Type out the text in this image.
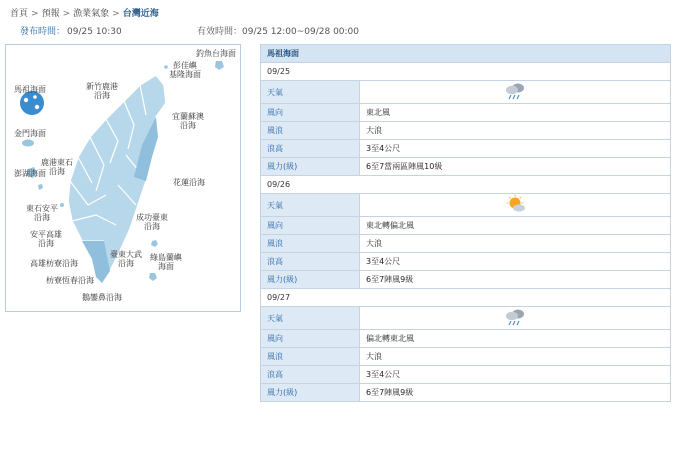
首頁 > 預報 > 漁業氣象 > 台灣近海
發布時間： 09/25 10:30	有效時間：09/25 12:00~09/28 00:00
釣魚台海面
彭佳嶼
基隆海面
馬祖海面	新竹鹿港
沿海
宜蘭蘇澳
沿海
金門海面
鹿港東石
沿海
澎湖海面
花蓮沿海
東石安平
沿海	成功臺東
沿海
安平高雄
沿海
臺東大武
沿海
綠島蘭嶼
海面
高雄枋寮沿海
枋寮恆春沿海
鵝鑾鼻沿海
馬祖海面	
09/25	
天氣	
風向	東北風
風浪	大浪
浪高	3至4公尺
風力(級)	6至7當兩區陣風10級
09/26	
天氣	
風向	東北轉偏北風
風浪	大浪
浪高	3至4公尺
風力(級)	6至7陣風9級
09/27	
天氣	
風向	偏北轉東北風
風浪	大浪
浪高	3至4公尺
風力(級)	6至7陣風9級
